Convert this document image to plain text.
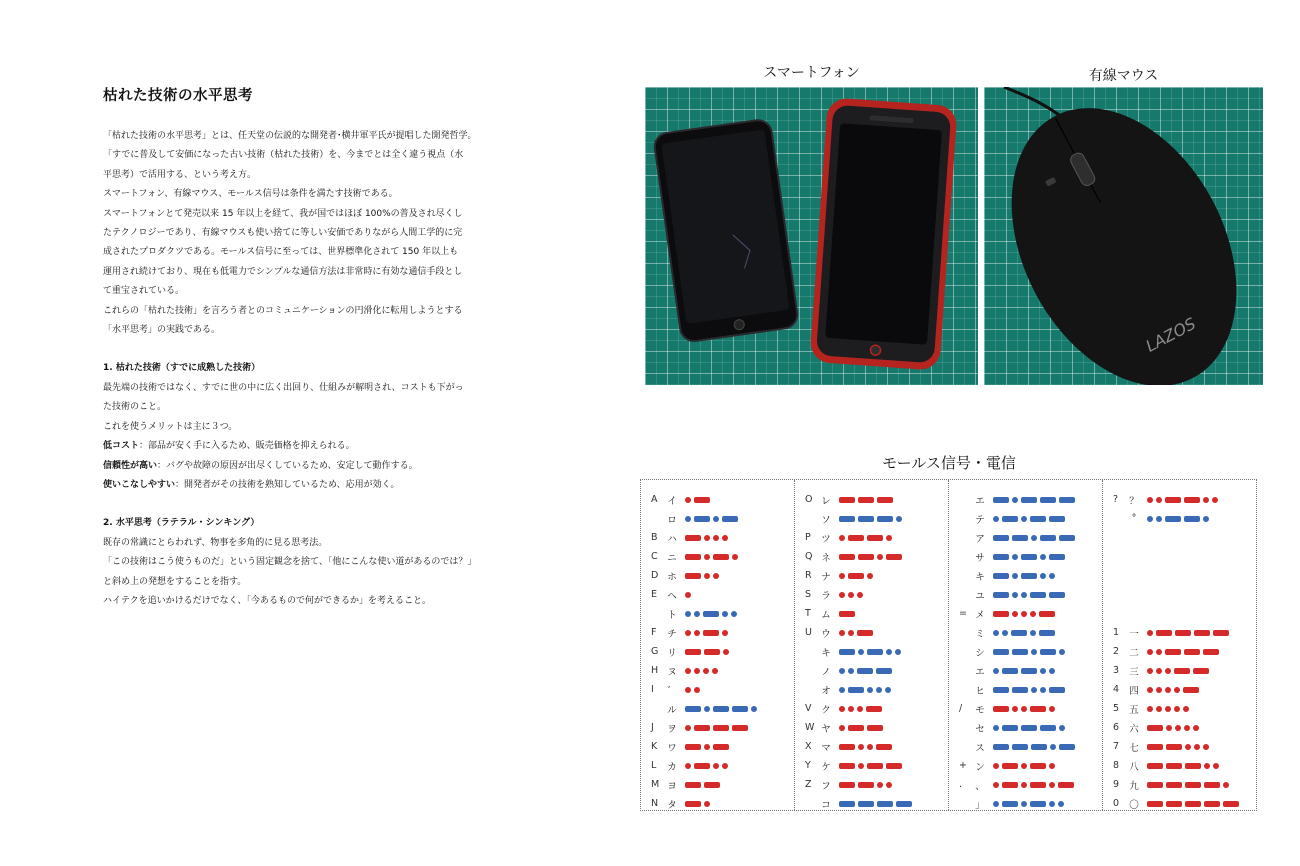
枯れた技術の水平思考

「枯れた技術の水平思考」とは、任天堂の伝説的な開発者･横井軍平氏が提唱した開発哲学。

「すでに普及して安価になった古い技術（枯れた技術）を、今までとは全く違う視点（水

平思考）で活用する、という考え方。

スマートフォン、有線マウス、モールス信号は条件を満たす技術である。

スマートフォンとて発売以来 15 年以上を経て、我が国ではほぼ 100%の普及され尽くし

たテクノロジーであり、有線マウスも使い捨てに等しい安価でありながら人間工学的に完

成されたプロダクツである。モールス信号に至っては、世界標準化されて 150 年以上も

運用され続けており、現在も低電力でシンプルな通信方法は非常時に有効な通信手段とし

て重宝されている。

これらの「枯れた技術」を言ろう者とのコミュニケーションの円滑化に転用しようとする

「水平思考」の実践である。

1. 枯れた技術（すでに成熟した技術）

最先端の技術ではなく、すでに世の中に広く出回り、仕組みが解明され、コストも下がっ

た技術のこと。

これを使うメリットは主に３つ。

低コスト：部品が安く手に入るため、販売価格を抑えられる。

信頼性が高い：バグや故障の原因が出尽くしているため、安定して動作する。

使いこなしやすい：開発者がその技術を熟知しているため、応用が効く。

2. 水平思考（ラテラル・シンキング）

既存の常識にとらわれず、物事を多角的に見る思考法。

「この技術はこう使うものだ」という固定観念を捨て、「他にこんな使い道があるのでは？」

と斜め上の発想をすることを指す。

ハイテクを追いかけるだけでなく、「今あるもので何ができるか」を考えること。

スマートフォン	有線マウス
LAZOS
モールス信号・電信
A	イ
ロ
B	ハ
C	ニ
D ホ
E	ヘ
ト
F	チ
G リ
H ヌ
I	゛
ル
J	ヲ
K	ワ
L	カ
M ヨ
N タ
O レ
ソ
P	ツ
Q ネ
R	ナ
S	ラ
T	ム
U ウ
キ
ノ
オ
V	ク
W ヤ
X	マ
Y	ケ
Z	フ
コ
エ
テ
ア
サ
キ
ユ
= メ
ミ
シ
エ
ヒ
/	モ
セ
ス
+ ン
.	、
」
?	？
°
1	一
2	二
3	三
4	四
5	五
6	六
7	七
8	八
9	九
0	〇
